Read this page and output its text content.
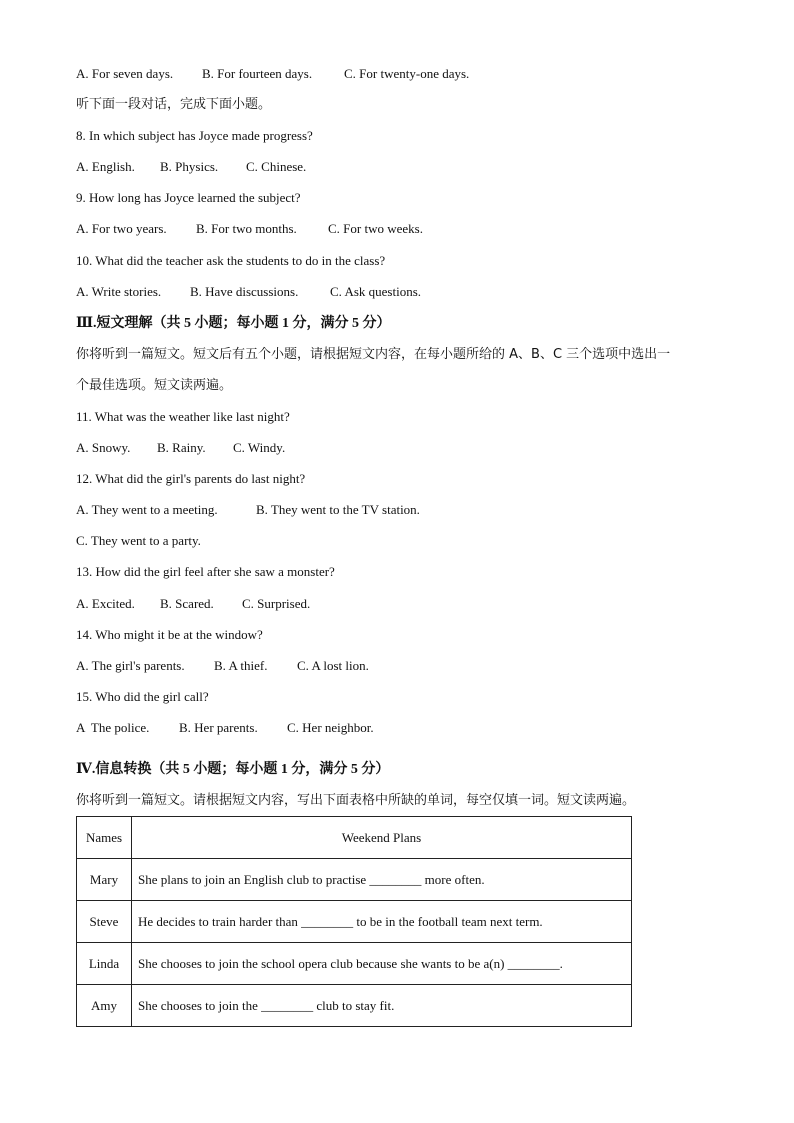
A. For seven days. B. For fourteen days. C. For twenty-one days.
听下面一段对话，完成下面小题。
8. In which subject has Joyce made progress?
A. English. B. Physics. C. Chinese.
9. How long has Joyce learned the subject?
A. For two years. B. For two months. C. For two weeks.
10. What did the teacher ask the students to do in the class?
A. Write stories. B. Have discussions. C. Ask questions.
Ⅲ.短文理解（共 5 小题；每小题 1 分，满分 5 分）
你将听到一篇短文。短文后有五个小题，请根据短文内容，在每小题所给的 A、B、C 三个选项中选出一
个最佳选项。短文读两遍。
11. What was the weather like last night?
A. Snowy. B. Rainy. C. Windy.
12. What did the girl's parents do last night?
A. They went to a meeting.	B. They went to the TV station.
C. They went to a party.
13. How did the girl feel after she saw a monster?
A. Excited. B. Scared. C. Surprised.
14. Who might it be at the window?
A. The girl's parents. B. A thief. C. A lost lion.
15. Who did the girl call?
A  The police. B. Her parents. C. Her neighbor.
Ⅳ.信息转换（共 5 小题；每小题 1 分，满分 5 分）
你将听到一篇短文。请根据短文内容，写出下面表格中所缺的单词，每空仅填一词。短文读两遍。
Names	Weekend Plans
Mary	She plans to join an English club to practise ________ more often.
Steve	He decides to train harder than ________ to be in the football team next term.
Linda	She chooses to join the school opera club because she wants to be a(n) ________.
Amy	She chooses to join the ________ club to stay fit.
